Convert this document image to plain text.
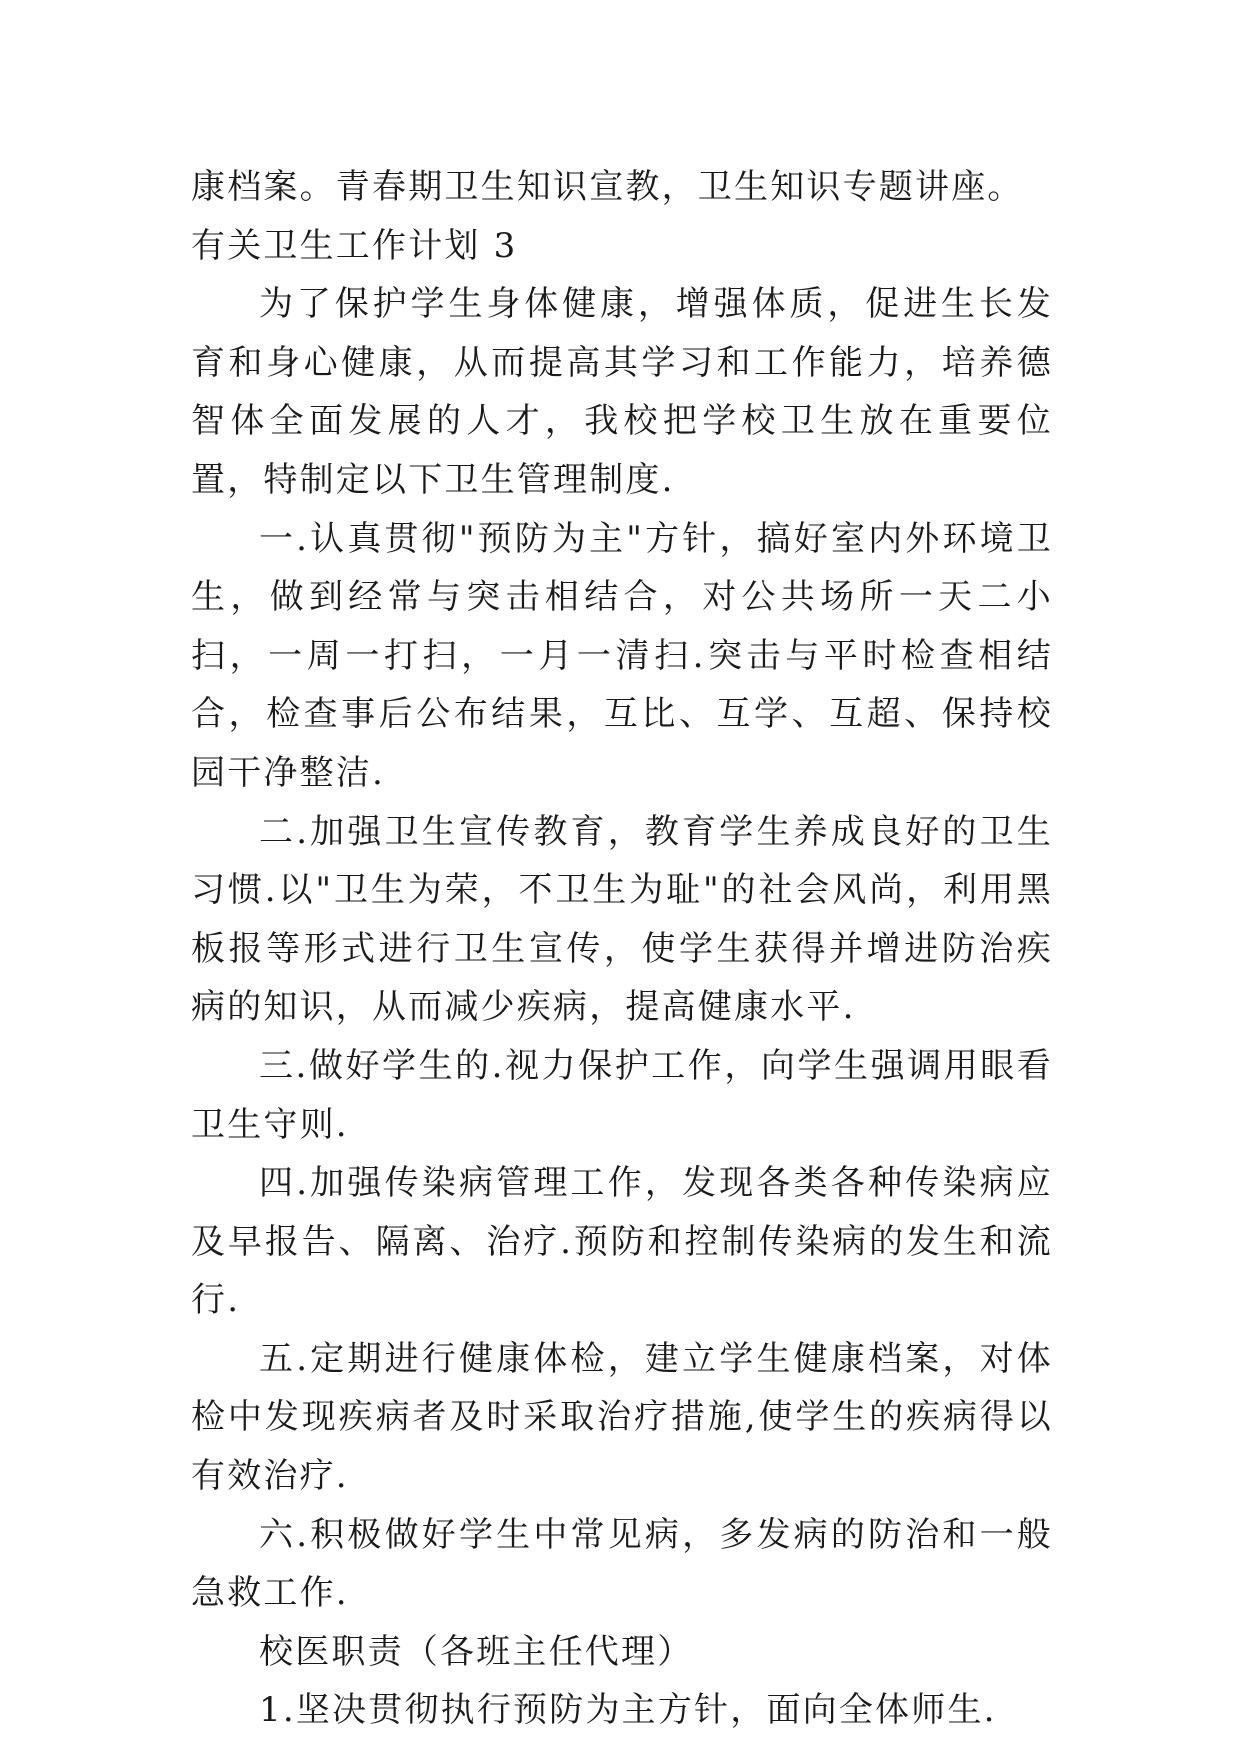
康档案。青春期卫生知识宣教，卫生知识专题讲座。

有关卫生工作计划 3

为了保护学生身体健康，增强体质，促进生长发育和身心健康，从而提高其学习和工作能力，培养德智体全面发展的人才，我校把学校卫生放在重要位置，特制定以下卫生管理制度.

一.认真贯彻"预防为主"方针，搞好室内外环境卫生，做到经常与突击相结合，对公共场所一天二小扫，一周一打扫，一月一清扫.突击与平时检查相结合，检查事后公布结果，互比、互学、互超、保持校园干净整洁.

二.加强卫生宣传教育，教育学生养成良好的卫生习惯.以"卫生为荣，不卫生为耻"的社会风尚，利用黑板报等形式进行卫生宣传，使学生获得并增进防治疾病的知识，从而减少疾病，提高健康水平.

三.做好学生的.视力保护工作，向学生强调用眼看卫生守则.

四.加强传染病管理工作，发现各类各种传染病应及早报告、隔离、治疗.预防和控制传染病的发生和流行.

五.定期进行健康体检，建立学生健康档案，对体检中发现疾病者及时采取治疗措施,使学生的疾病得以有效治疗.

六.积极做好学生中常见病，多发病的防治和一般急救工作.

校医职责（各班主任代理）

1.坚决贯彻执行预防为主方针，面向全体师生.
